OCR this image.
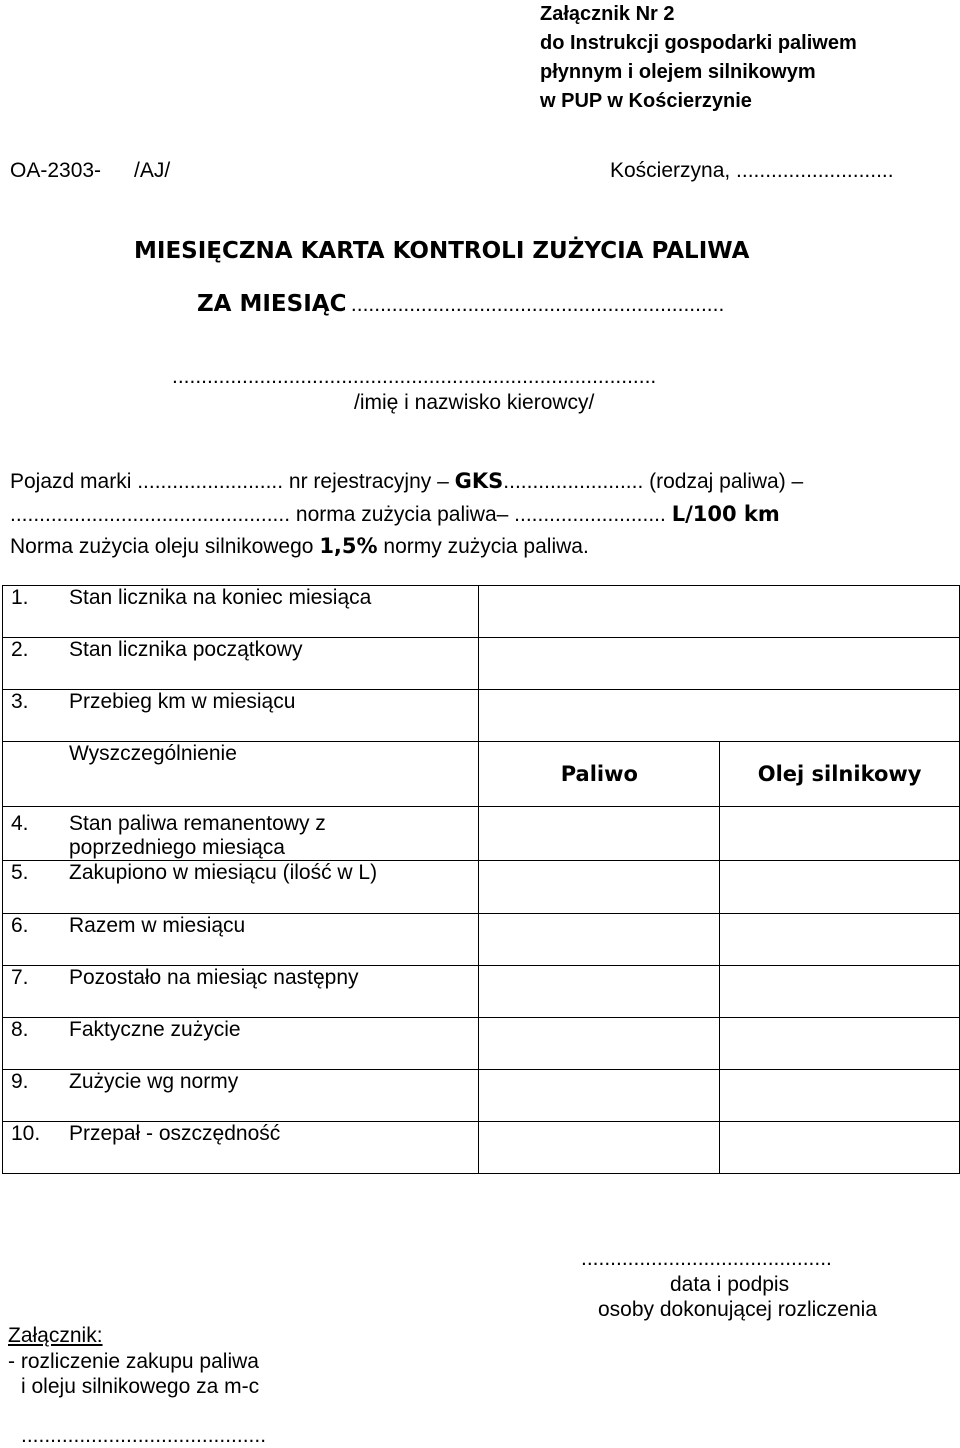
Załącznik Nr 2
do Instrukcji gospodarki paliwem
płynnym i olejem silnikowym
w PUP w Kościerzynie
OA-2303- /AJ/	Kościerzyna, ...........................
MIESIĘCZNA KARTA KONTROLI ZUŻYCIA PALIWA
ZA MIESIĄC ................................................................
...................................................................................
/imię i nazwisko kierowcy/
Pojazd marki ......................... nr rejestracyjny – GKS........................ (rodzaj paliwa) –
................................................ norma zużycia paliwa– .......................... L/100 km
Norma zużycia oleju silnikowego 1,5% normy zużycia paliwa.
1. Stan licznika na koniec miesiąca		
2. Stan licznika początkowy		
3. Przebieg km w miesiącu		
Wyszczególnienie	Paliwo	Olej silnikowy
4. Stan paliwa remanentowy z
poprzedniego miesiąca		
5. Zakupiono w miesiącu (ilość w L)		
6. Razem w miesiącu		
7. Pozostało na miesiąc następny		
8. Faktyczne zużycie		
9. Zużycie wg normy		
10. Przepał - oszczędność		
...........................................
data i podpis
osoby dokonującej rozliczenia
Załącznik:
- rozliczenie zakupu paliwa
i oleju silnikowego za m-c
..........................................
